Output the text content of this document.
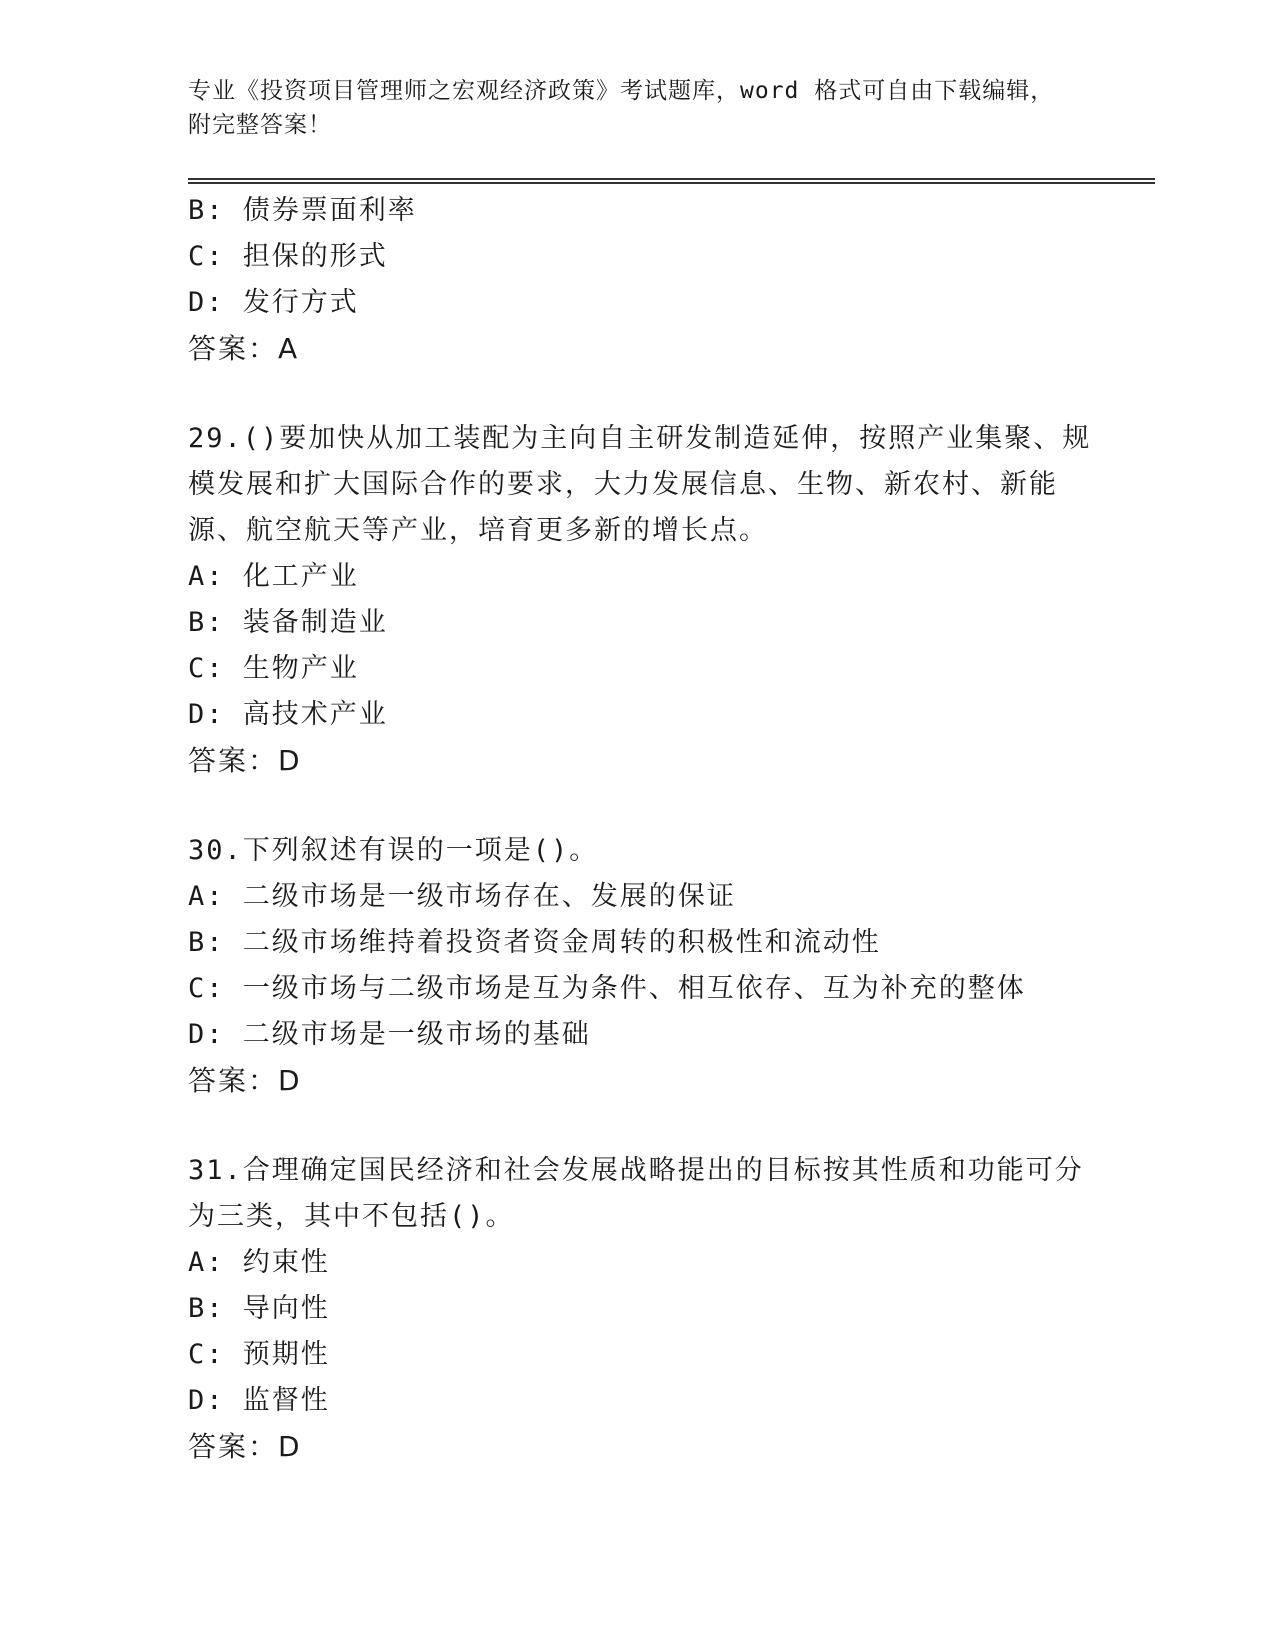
专业《投资项目管理师之宏观经济政策》考试题库，word 格式可自由下载编辑，
附完整答案！

B: 债券票面利率

C: 担保的形式

D: 发行方式

答案：A

29.()要加快从加工装配为主向自主研发制造延伸，按照产业集聚、规

模发展和扩大国际合作的要求，大力发展信息、生物、新农村、新能

源、航空航天等产业，培育更多新的增长点。

A: 化工产业

B: 装备制造业

C: 生物产业

D: 高技术产业

答案：D

30.下列叙述有误的一项是()。

A: 二级市场是一级市场存在、发展的保证

B: 二级市场维持着投资者资金周转的积极性和流动性

C: 一级市场与二级市场是互为条件、相互依存、互为补充的整体

D: 二级市场是一级市场的基础

答案：D

31.合理确定国民经济和社会发展战略提出的目标按其性质和功能可分

为三类，其中不包括()。

A: 约束性

B: 导向性

C: 预期性

D: 监督性

答案：D
